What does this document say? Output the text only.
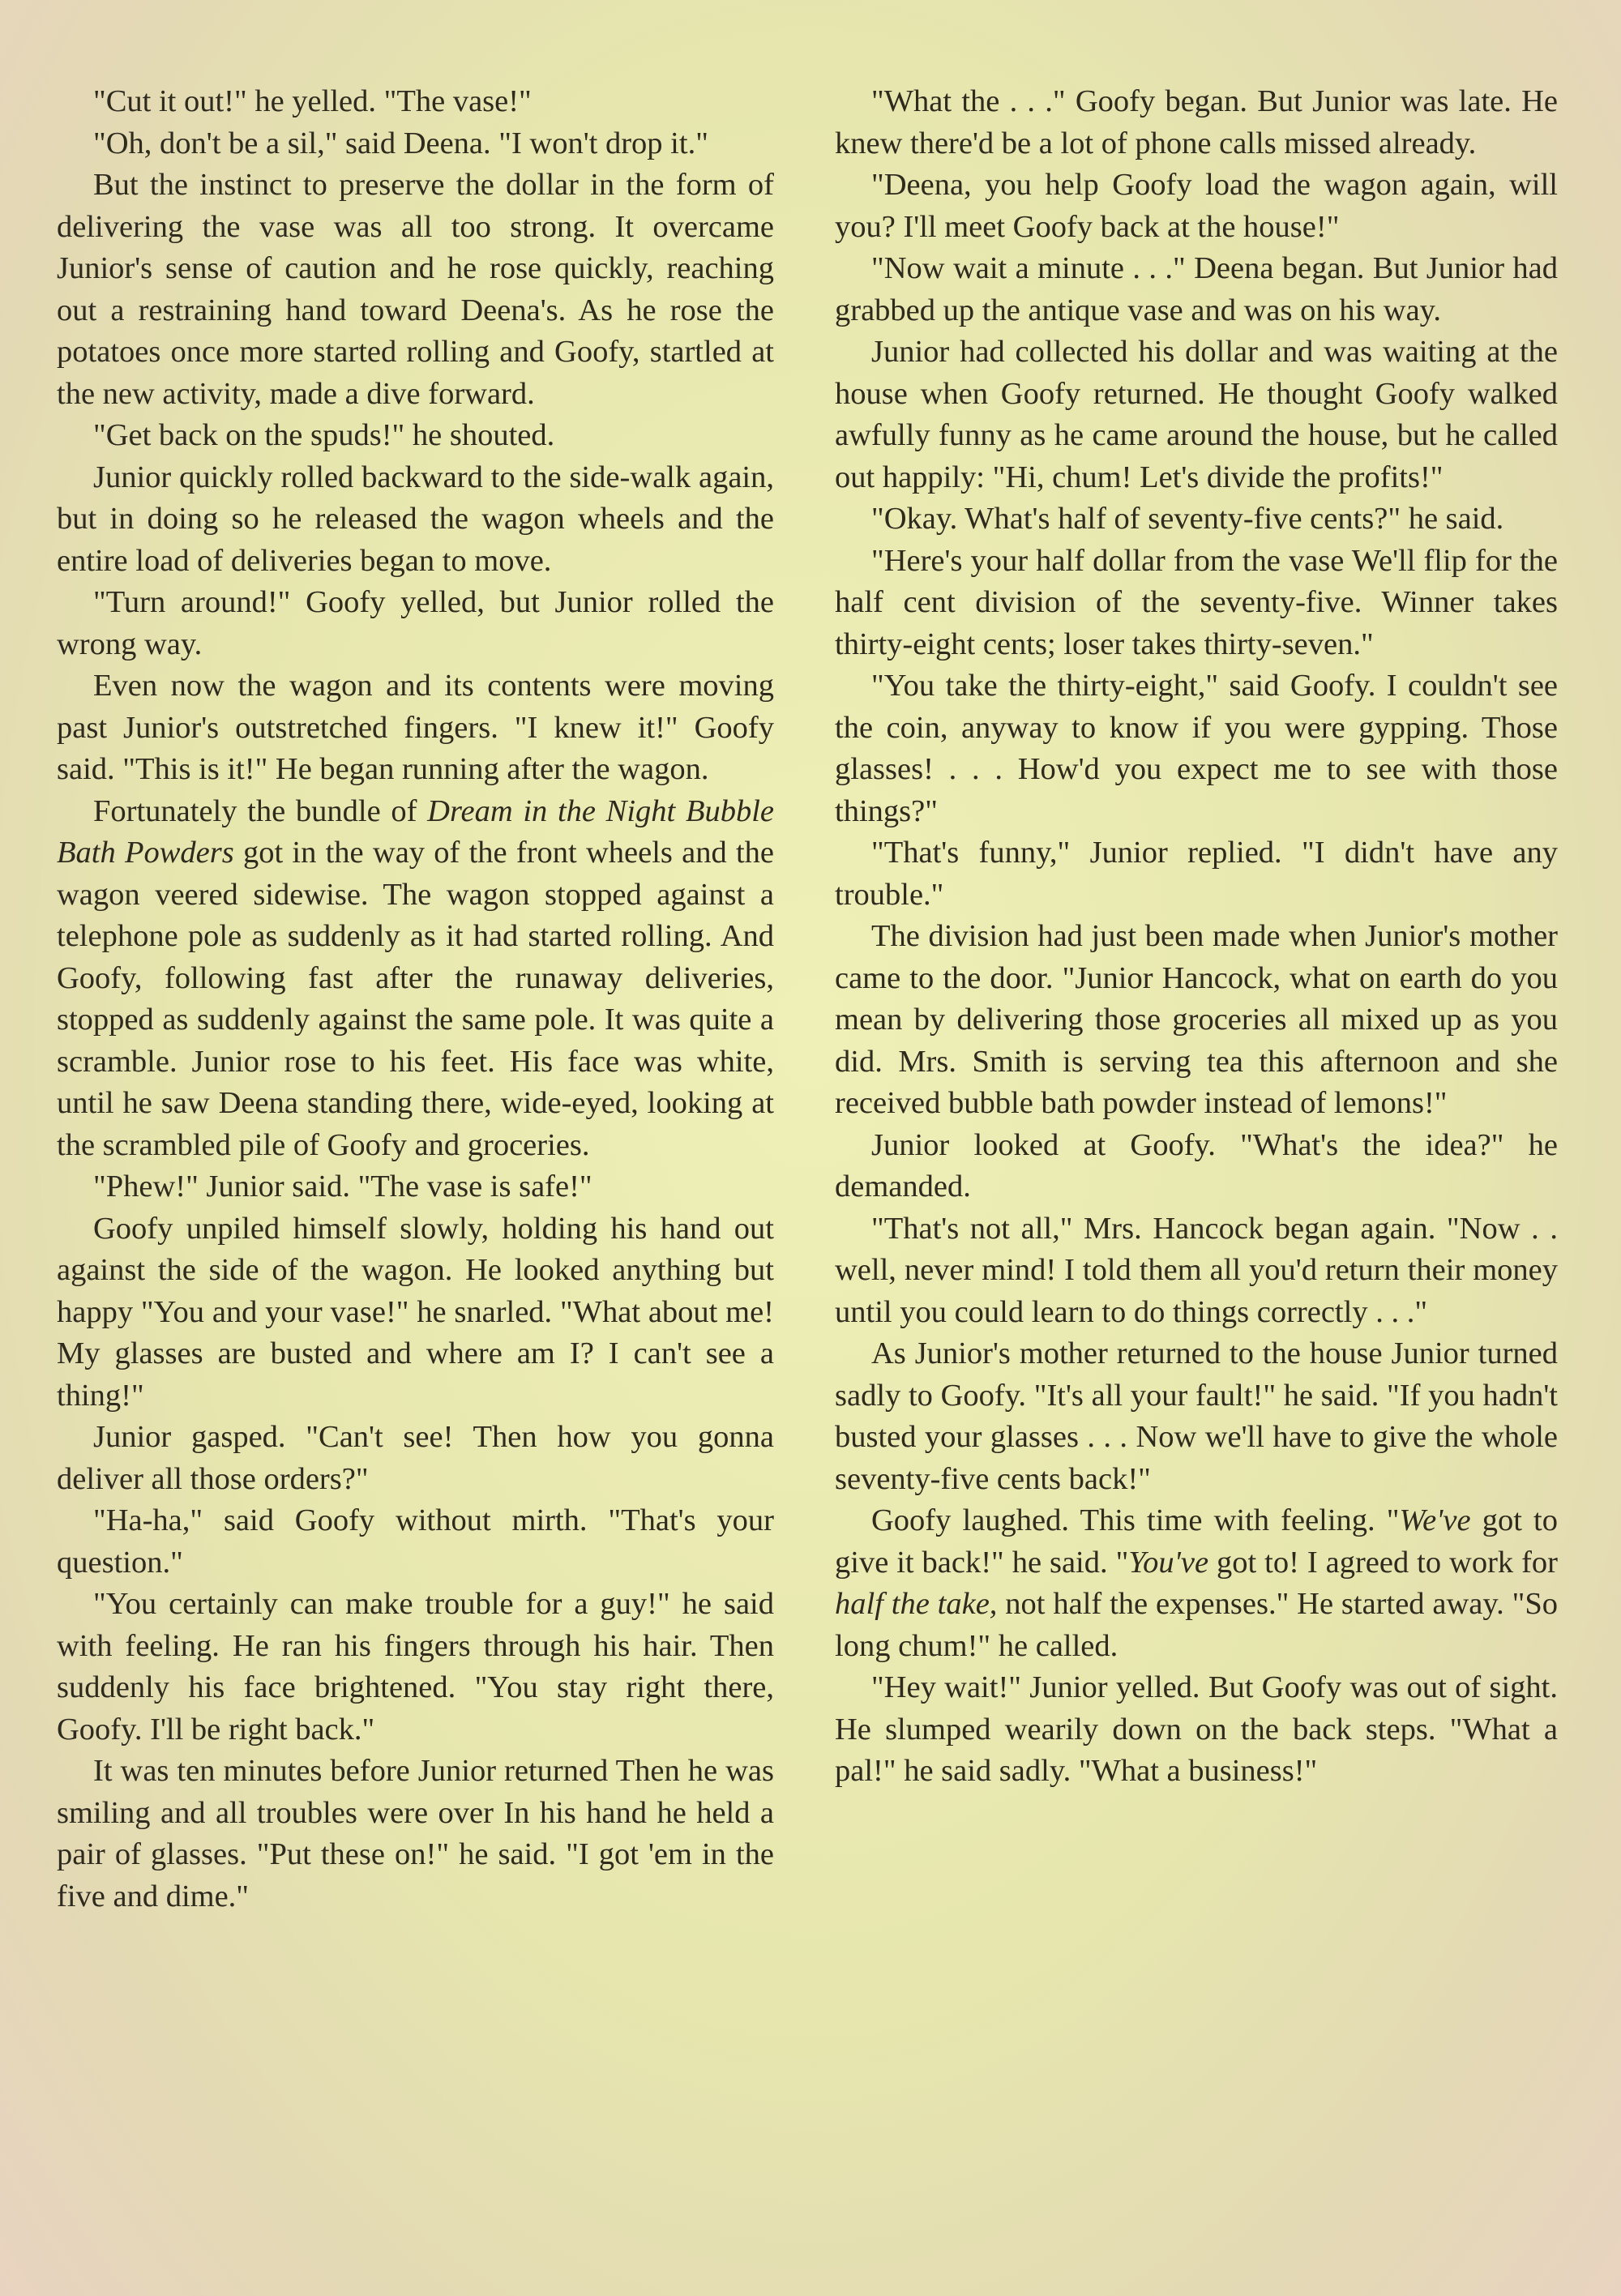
"Cut it out!" he yelled. "The vase!"

"Oh, don't be a sil," said Deena. "I won't drop it."

But the instinct to preserve the dollar in the form of delivering the vase was all too strong. It overcame Junior's sense of caution and he rose quickly, reaching out a restraining hand toward Deena's. As he rose the potatoes once more started rolling and Goofy, startled at the new activity, made a dive forward.

"Get back on the spuds!" he shouted.

Junior quickly rolled backward to the side-walk again, but in doing so he released the wagon wheels and the entire load of deliveries began to move.

"Turn around!" Goofy yelled, but Junior rolled the wrong way.

Even now the wagon and its contents were moving past Junior's outstretched fingers. "I knew it!" Goofy said. "This is it!" He began running after the wagon.

Fortunately the bundle of Dream in the Night Bubble Bath Powders got in the way of the front wheels and the wagon veered sidewise. The wagon stopped against a telephone pole as suddenly as it had started rolling. And Goofy, following fast after the runaway deliveries, stopped as suddenly against the same pole. It was quite a scramble. Junior rose to his feet. His face was white, until he saw Deena standing there, wide-eyed, looking at the scrambled pile of Goofy and groceries.

"Phew!" Junior said. "The vase is safe!"

Goofy unpiled himself slowly, holding his hand out against the side of the wagon. He looked anything but happy "You and your vase!" he snarled. "What about me! My glasses are busted and where am I? I can't see a thing!"

Junior gasped. "Can't see! Then how you gonna deliver all those orders?"

"Ha-ha," said Goofy without mirth. "That's your question."

"You certainly can make trouble for a guy!" he said with feeling. He ran his fingers through his hair. Then suddenly his face brightened. "You stay right there, Goofy. I'll be right back."

It was ten minutes before Junior returned Then he was smiling and all troubles were over In his hand he held a pair of glasses. "Put these on!" he said. "I got 'em in the five and dime."

"What the . . ." Goofy began. But Junior was late. He knew there'd be a lot of phone calls missed already.

"Deena, you help Goofy load the wagon again, will you? I'll meet Goofy back at the house!"

"Now wait a minute . . ." Deena began. But Junior had grabbed up the antique vase and was on his way.

Junior had collected his dollar and was waiting at the house when Goofy returned. He thought Goofy walked awfully funny as he came around the house, but he called out happily: "Hi, chum! Let's divide the profits!"

"Okay. What's half of seventy-five cents?" he said.

"Here's your half dollar from the vase We'll flip for the half cent division of the seventy-five. Winner takes thirty-eight cents; loser takes thirty-seven."

"You take the thirty-eight," said Goofy. I couldn't see the coin, anyway to know if you were gypping. Those glasses! . . . How'd you expect me to see with those things?"

"That's funny," Junior replied. "I didn't have any trouble."

The division had just been made when Junior's mother came to the door. "Junior Hancock, what on earth do you mean by delivering those groceries all mixed up as you did. Mrs. Smith is serving tea this afternoon and she received bubble bath powder instead of lemons!"

Junior looked at Goofy. "What's the idea?" he demanded.

"That's not all," Mrs. Hancock began again. "Now . . well, never mind! I told them all you'd return their money until you could learn to do things correctly . . ."

As Junior's mother returned to the house Junior turned sadly to Goofy. "It's all your fault!" he said. "If you hadn't busted your glasses . . . Now we'll have to give the whole seventy-five cents back!"

Goofy laughed. This time with feeling. "We've got to give it back!" he said. "You've got to! I agreed to work for half the take, not half the expenses." He started away. "So long chum!" he called.

"Hey wait!" Junior yelled. But Goofy was out of sight. He slumped wearily down on the back steps. "What a pal!" he said sadly. "What a business!"
